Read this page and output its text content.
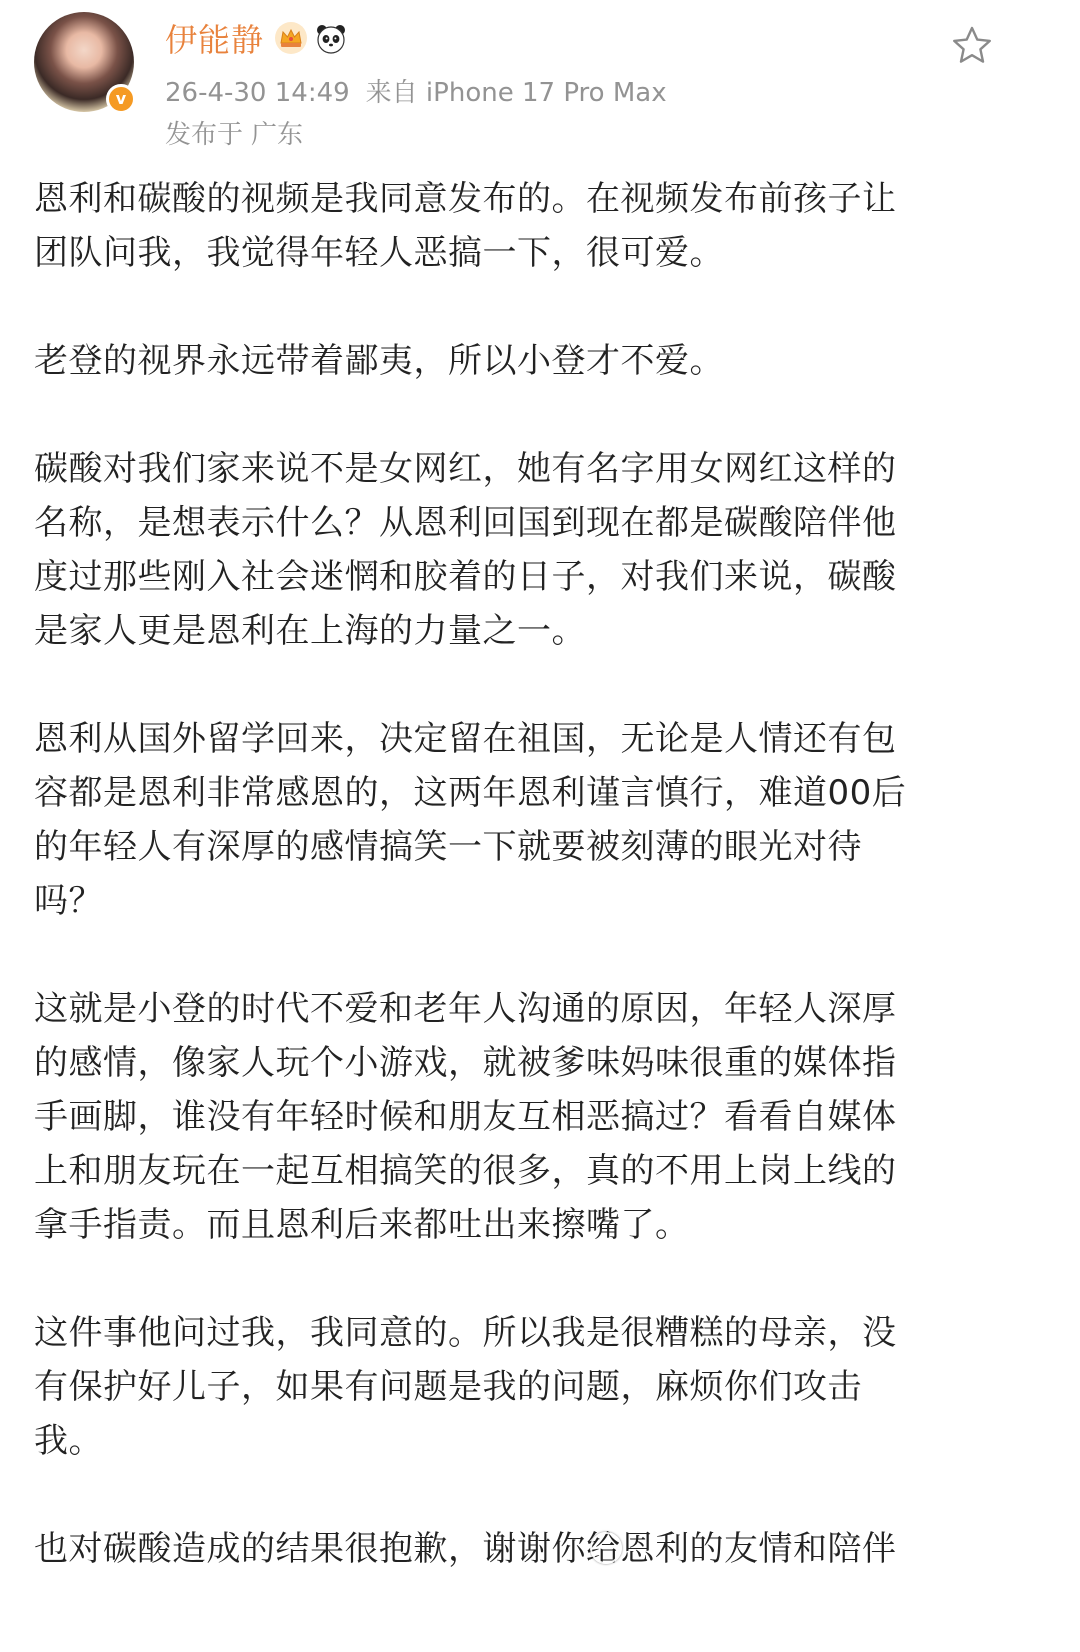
v
伊能静
26-4-30 14:49 来自 iPhone 17 Pro Max
发布于 广东

恩利和碳酸的视频是我同意发布的。在视频发布前孩子让
团队问我，我觉得年轻人恶搞一下，很可爱。

老登的视界永远带着鄙夷，所以小登才不爱。

碳酸对我们家来说不是女网红，她有名字用女网红这样的
名称，是想表示什么？从恩利回国到现在都是碳酸陪伴他
度过那些刚入社会迷惘和胶着的日子，对我们来说，碳酸
是家人更是恩利在上海的力量之一。

恩利从国外留学回来，决定留在祖国，无论是人情还有包
容都是恩利非常感恩的，这两年恩利谨言慎行，难道00后
的年轻人有深厚的感情搞笑一下就要被刻薄的眼光对待
吗？

这就是小登的时代不爱和老年人沟通的原因，年轻人深厚
的感情，像家人玩个小游戏，就被爹味妈味很重的媒体指
手画脚，谁没有年轻时候和朋友互相恶搞过？看看自媒体
上和朋友玩在一起互相搞笑的很多，真的不用上岗上线的
拿手指责。而且恩利后来都吐出来擦嘴了。

这件事他问过我，我同意的。所以我是很糟糕的母亲，没
有保护好儿子，如果有问题是我的问题，麻烦你们攻击
我。

也对碳酸造成的结果很抱歉，谢谢你给恩利的友情和陪伴
